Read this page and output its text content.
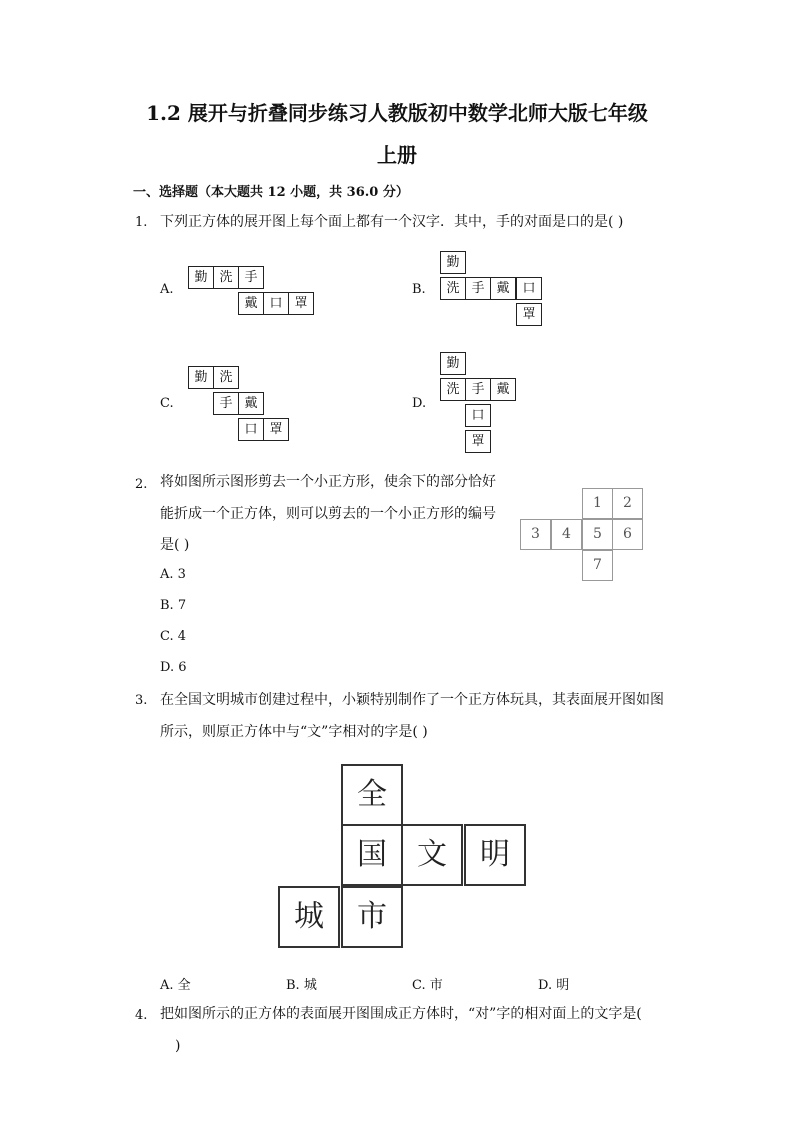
1.2 展开与折叠同步练习人教版初中数学北师大版七年级
上册
一、选择题（本大题共 12 小题，共 36.0 分）
1. 下列正方体的展开图上每个面上都有一个汉字．其中，手的对面是口的是( )
A.
勤 洗 手
戴 口 罩
B.
勤
洗 手 戴 口
罩
C.
勤 洗
手 戴
口 罩
D.
勤
洗 手 戴
口
罩
2. 将如图所示图形剪去一个小正方形，使余下的部分恰好
能折成一个正方体，则可以剪去的一个小正方形的编号
是( )
A. 3
B. 7
C. 4
D. 6
1	2
3	4	5	6
7
3. 在全国文明城市创建过程中，小颖特别制作了一个正方体玩具，其表面展开图如图
所示，则原正方体中与“文”字相对的字是( )
全
国	文	明
城	市
A. 全	B. 城	C. 市	D. 明
4. 把如图所示的正方体的表面展开图围成正方体时，“对”字的相对面上的文字是(
)
